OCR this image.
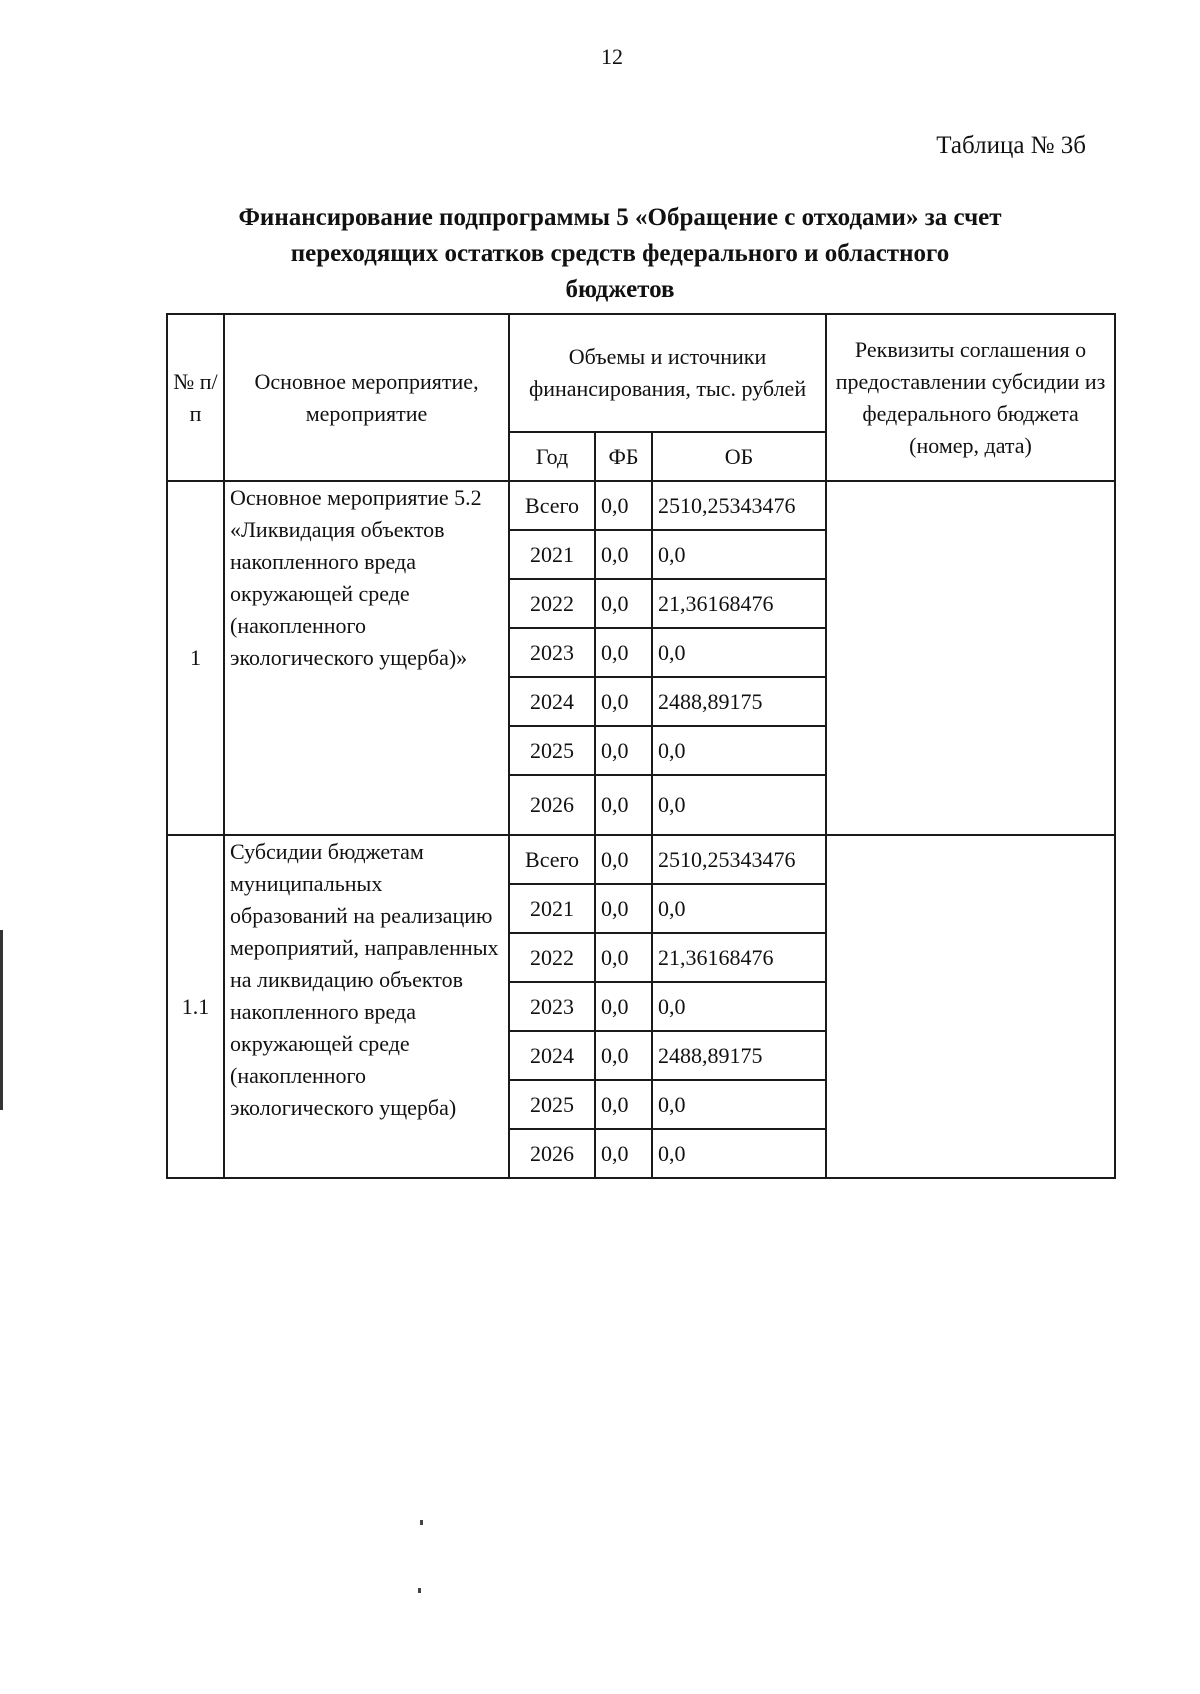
12
Таблица № 3б
Финансирование подпрограммы 5 «Обращение с отходами» за счет
переходящих остатков средств федерального и областного
бюджетов
№ п/п	Основное мероприятие, мероприятие	Объемы и источники финансирования, тыс. рублей			Реквизиты соглашения о предоставлении субсидии из федерального бюджета (номер, дата)
		Год	ФБ	ОБ	
1	Основное мероприятие 5.2 «Ликвидация объектов накопленного вреда окружающей среде (накопленного экологического ущерба)»	Всего	0,0	2510,25343476	
		2021	0,0	0,0	
		2022	0,0	21,36168476	
		2023	0,0	0,0	
		2024	0,0	2488,89175	
		2025	0,0	0,0	
		2026	0,0	0,0	
1.1	Субсидии бюджетам муниципальных образований на реализацию мероприятий, направленных на ликвидацию объектов накопленного вреда окружающей среде (накопленного экологического ущерба)	Всего	0,0	2510,25343476	
		2021	0,0	0,0	
		2022	0,0	21,36168476	
		2023	0,0	0,0	
		2024	0,0	2488,89175	
		2025	0,0	0,0	
		2026	0,0	0,0	
